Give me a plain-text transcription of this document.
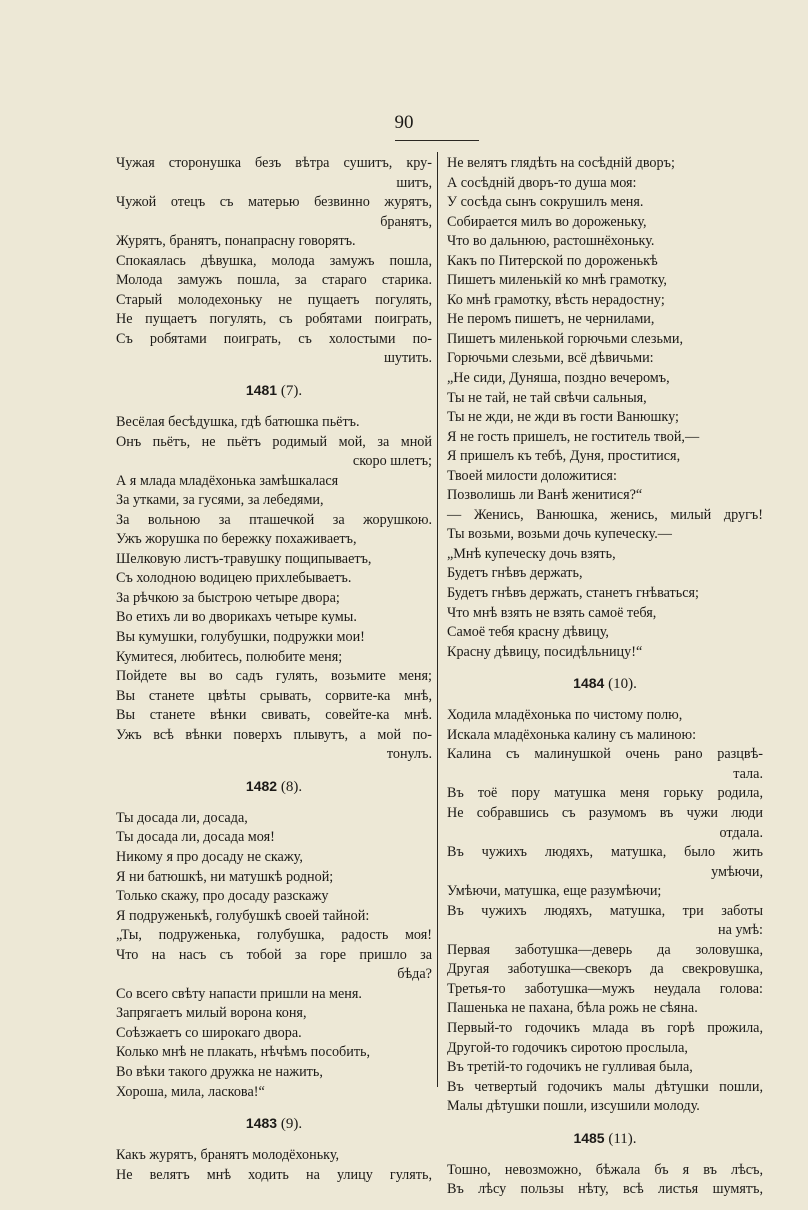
90
Чужая сторонушка безъ вѣтра сушитъ, кру-
шитъ,
Чужой отецъ съ матерью безвинно журятъ,
бранятъ,
Журятъ, бранятъ, понапрасну говорятъ.
Спокаялась дѣвушка, молода замужъ пошла,
Молода замужъ пошла, за стараго старика.
Старый молодехоньку не пущаетъ погулять,
Не пущаетъ погулять, съ робятами поиграть,
Съ робятами поиграть, съ холостыми по-
шутить.
1481 (7).
Весёлая бесѣдушка, гдѣ батюшка пьётъ.
Онъ пьётъ, не пьётъ родимый мой, за мной
скоро шлетъ;
А я млада младёхонька замѣшкалася
За утками, за гусями, за лебедями,
За вольною за пташечкой за жорушкою.
Ужъ жорушка по бережку похаживаетъ,
Шелковую листъ-травушку пощипываетъ,
Съ холодною водицею прихлебываетъ.
За рѣчкою за быстрою четыре двора;
Во етихъ ли во дворикахъ четыре кумы.
Вы кумушки, голубушки, подружки мои!
Кумитеся, любитесь, полюбите меня;
Пойдете вы во садъ гулять, возьмите меня;
Вы станете цвѣты срывать, сорвите-ка мнѣ,
Вы станете вѣнки свивать, совейте-ка мнѣ.
Ужъ всѣ вѣнки поверхъ плывутъ, а мой по-
тонулъ.
1482 (8).
Ты досада ли, досада,
Ты досада ли, досада моя!
Никому я про досаду не скажу,
Я ни батюшкѣ, ни матушкѣ родной;
Только скажу, про досаду разскажу
Я подруженькѣ, голубушкѣ своей тайной:
„Ты, подруженька, голубушка, радость моя!
Что на насъ съ тобой за горе пришло за
бѣда?
Со всего свѣту напасти пришли на меня.
Запрягаетъ милый ворона коня,
Соѣзжаетъ со широкаго двора.
Колько мнѣ не плакать, нѣчѣмъ пособить,
Во вѣки такого дружка не нажить,
Хороша, мила, ласкова!“
1483 (9).
Какъ журятъ, бранятъ молодёхоньку,
Не велятъ мнѣ ходить на улицу гулять,
Не велятъ глядѣть на сосѣдній дворъ;
А сосѣдній дворъ-то душа моя:
У сосѣда сынъ сокрушилъ меня.
Собирается милъ во дороженьку,
Что во дальнюю, растошнёхоньку.
Какъ по Питерской по дороженькѣ
Пишетъ миленькій ко мнѣ грамотку,
Ко мнѣ грамотку, вѣсть нерадостну;
Не перомъ пишетъ, не чернилами,
Пишетъ миленькой горючьми слезьми,
Горючьми слезьми, всё дѣвичьми:
„Не сиди, Дуняша, поздно вечеромъ,
Ты не тай, не тай свѣчи сальныя,
Ты не жди, не жди въ гости Ванюшку;
Я не гость пришелъ, не гоститель твой,—
Я пришелъ къ тебѣ, Дуня, проститися,
Твоей милости доложитися:
Позволишь ли Ванѣ женитися?“
— Женись, Ванюшка, женись, милый другъ!
Ты возьми, возьми дочь купеческу.—
„Мнѣ купеческу дочь взять,
Будетъ гнѣвъ держать,
Будетъ гнѣвъ держать, станетъ гнѣваться;
Что мнѣ взять не взять самоё тебя,
Самоё тебя красну дѣвицу,
Красну дѣвицу, посидѣльницу!“
1484 (10).
Ходила младёхонька по чистому полю,
Искала младёхонька калину съ малиною:
Калина съ малинушкой очень рано разцвѣ-
тала.
Въ тоё пору матушка меня горьку родила,
Не собравшись съ разумомъ въ чужи люди
отдала.
Въ чужихъ людяхъ, матушка, было жить
умѣючи,
Умѣючи, матушка, еще разумѣючи;
Въ чужихъ людяхъ, матушка, три заботы
на умѣ:
Первая заботушка—деверь да золовушка,
Другая заботушка—свекоръ да свекровушка,
Третья-то заботушка—мужъ неудала голова:
Пашенька не пахана, бѣла рожь не сѣяна.
Первый-то годочикъ млада въ горѣ прожила,
Другой-то годочикъ сиротою прослыла,
Въ третій-то годочикъ не гулливая была,
Въ четвертый годочикъ малы дѣтушки пошли,
Малы дѣтушки пошли, изсушили молоду.
1485 (11).
Тошно, невозможно, бѣжала бъ я въ лѣсъ,
Въ лѣсу пользы нѣту, всѣ листья шумятъ,
